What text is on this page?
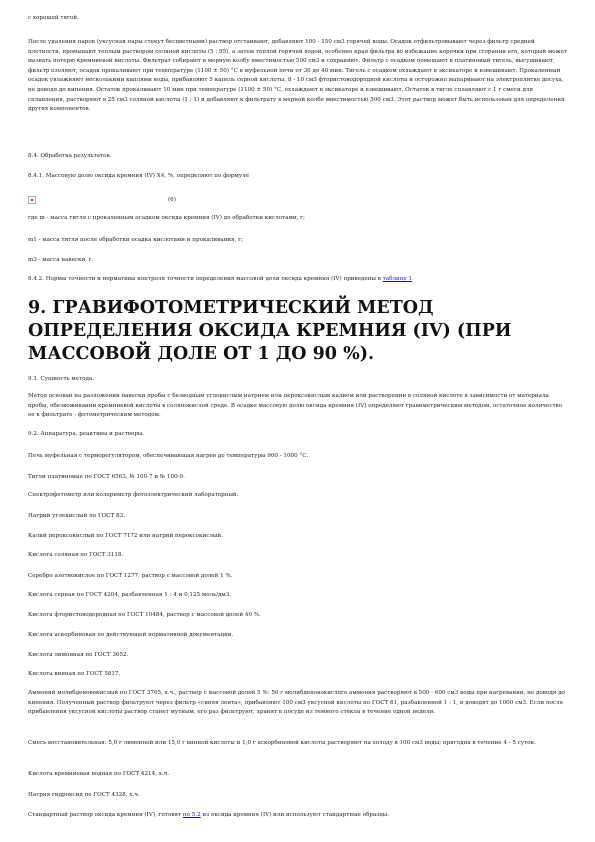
с хорошей тягой.

После удаления паров (уксусная пары стекут бесцветными) раствор отстаивают, добавляют 100 - 150 см3 горячей воды. Осадок отфильтровывают через фильтр средней плотности, промывают теплым раствором соляной кислоты (5 : 95), а затем теплой горячей водой, особенно края фильтра во избежание корочки при сгорании его, который может вызвать потерю кремниевой кислоты. Фильтрат собирают в мерную колбу вместимостью 500 см3 и сохраняют. Фильтр с осадком помещают в платиновый тигель, высушивают, фильтр озоляют, осадок прокаливают при температуре (1100 ± 50) °С в муфельной печи от 30 до 40 мин. Тигель с осадком охлаждают в эксикаторе и взвешивают. Прокаленный осадок увлажняют несколькими каплями воды, прибавляют 5 капель серной кислоты, 8 - 10 см3 фтористоводородной кислоты и осторожно выпаривают на электроплитке досуха, не доводя до кипения. Остаток прокаливают 10 мин при температуре (1100 ± 50) °С, охлаждают в эксикаторе и взвешивают. Остаток в тигле сплавляют с 1 г смеси для сплавления, растворяют в 25 см3 соляной кислоты (1 : 1) и добавляют к фильтрату в мерной колбе вместимостью 500 см3. Этот раствор может быть использован для определения других компонентов.

8.4. Обработка результатов.

8.4.1. Массовую долю оксида кремния (IV) Х4, %, определяют по формуле

(6)

где m - масса тигля с прокаленным осадком оксида кремния (IV) до обработки кислотами, г;

m1 - масса тигля после обработки осадка кислотами и прокаливания, г;

m3 - масса навески, г.

8.4.2. Нормы точности и нормативы контроля точности определения массовой доли оксида кремния (IV) приведены в таблице 1.

9. ГРАВИФОТОМЕТРИЧЕСКИЙ МЕТОД ОПРЕДЕЛЕНИЯ ОКСИДА КРЕМНИЯ (IV) (ПРИ МАССОВОЙ ДОЛЕ ОТ 1 ДО 90 %).

9.1. Сущность метода.

Метод основан на разложении навески пробы с безводным углекислым натрием или пероксокислым калием или растворении в соляной кислоте в зависимости от материала пробы, обезвоживании кремниевой кислоты в солянокислой среде. В осадке массовую долю оксида кремния (IV) определяют гравиметрическим методом, остаточное количество ее в фильтрате - фотометрическим методом.

9.2. Аппаратура, реактивы и растворы.

Печь муфельная с терморегулятором, обеспечивающая нагрев до температуры 900 - 1000 °С.

Тигли платиновые по ГОСТ 6563, № 100-7 и № 100-9.

Спектрофотометр или колориметр фотоэлектрический лабораторный.

Натрий углекислый по ГОСТ 83.

Калий пероксокислый по ГОСТ 7172 или натрий пероксокислый.

Кислота соляная по ГОСТ 3118.

Серебро азотнокислое по ГОСТ 1277, раствор с массовой долей 1 %.

Кислота серная по ГОСТ 4204, разбавленная 1 : 4 и 0,125 моль/дм3.

Кислота фтористоводородная по ГОСТ 10484, раствор с массовой долей 40 %.

Кислота аскорбиновая по действующей нормативной документации.

Кислота лимонная по ГОСТ 3652.

Кислота винная по ГОСТ 5817.

Аммоний молибденовокислый по ГОСТ 3765, х.ч., раствор с массовой долей 5 %: 50 г молибденовокислого аммония растворяют в 500 - 600 см3 воды при нагревании, не доводя до кипения. Полученный раствор фильтруют через фильтр «синяя лента», прибавляют 100 см3 уксусной кислоты по ГОСТ 61, разбавленной 1 : 1, и доводят до 1000 см3. Если после прибавления уксусной кислоты раствор станет мутным, его раз фильтруют, хранят в посуде из темного стекла в течение одной недели.

Смесь восстановительная: 5,0 г лимонной или 15,0 г винной кислоты и 1,0 г аскорбиновой кислоты растворяют на холоду в 100 см3 воды; пригодна в течение 4 - 5 суток.

Кислота кремниевая водная по ГОСТ 4214, х.ч.

Натрия гидроксид по ГОСТ 4328, х.ч.

Стандартный раствор оксида кремния (IV), готовят по 5.2 из оксида кремния (IV) или используют стандартные образцы.
